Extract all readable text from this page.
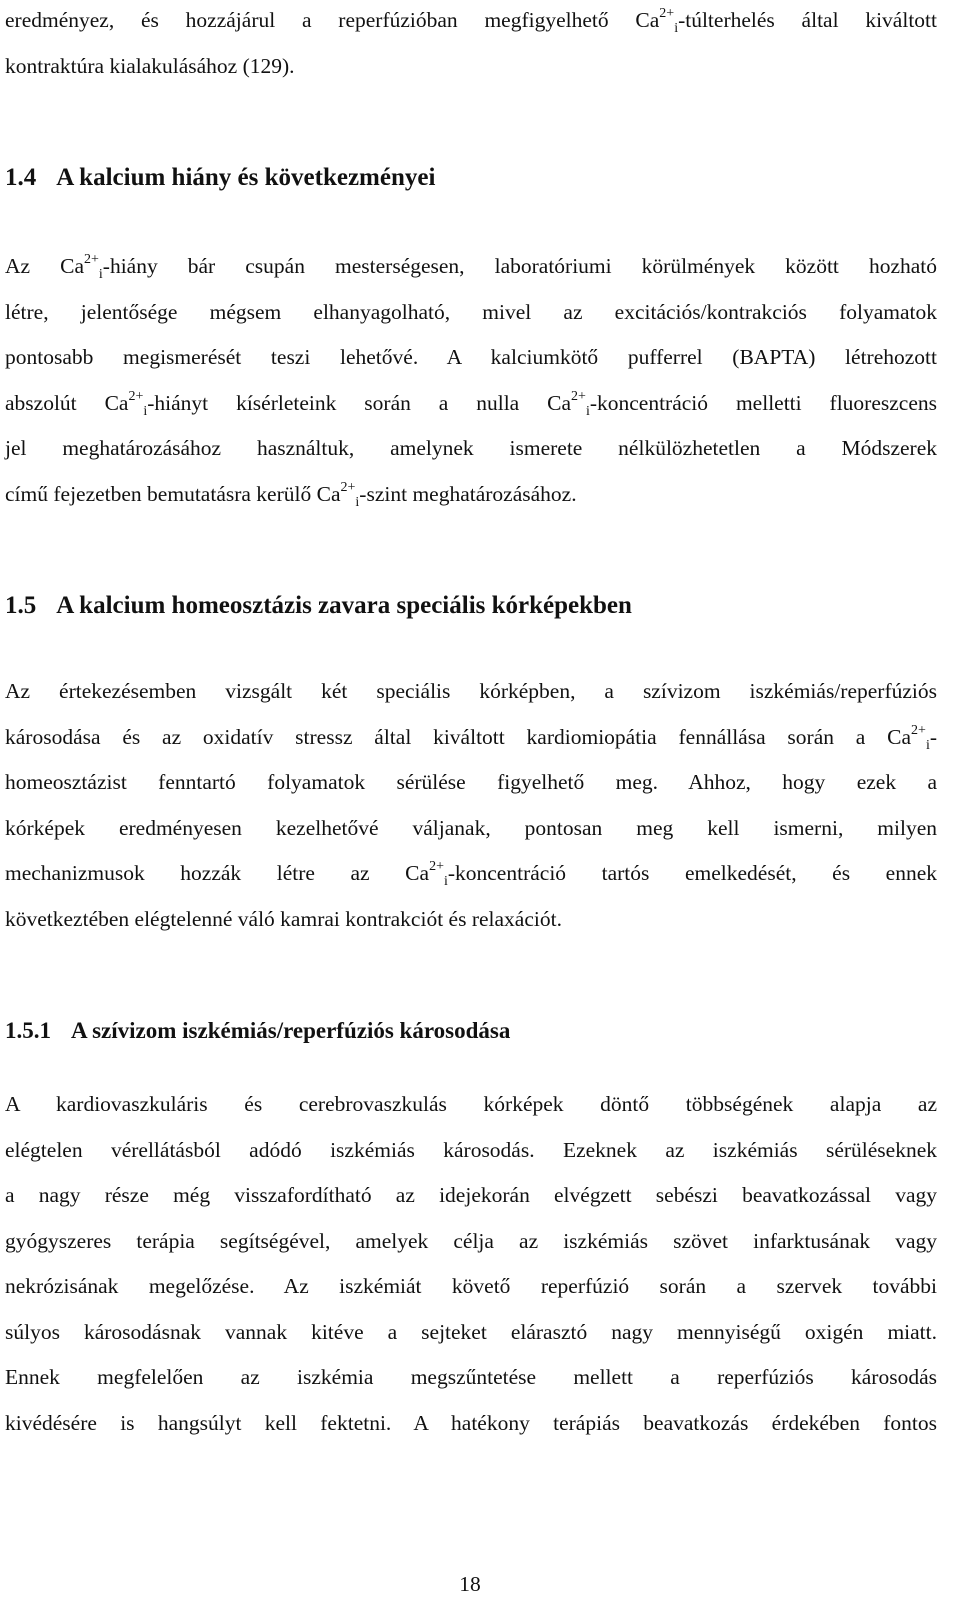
eredményez, és hozzájárul a reperfúzióban megfigyelhető $Ca^{2+}_i$-túlterhelés által kiváltott
kontraktúra kialakulásához (129).
1.4 A kalcium hiány és következményei
Az $Ca^{2+}_i$-hiány bár csupán mesterségesen, laboratóriumi körülmények között hozható
létre, jelentősége mégsem elhanyagolható, mivel az excitációs/kontrakciós folyamatok
pontosabb megismerését teszi lehetővé. A kalciumkötő pufferrel (BAPTA) létrehozott
abszolút $Ca^{2+}_i$-hiányt kísérleteink során a nulla $Ca^{2+}_i$-koncentráció melletti fluoreszcens
jel meghatározásához használtuk, amelynek ismerete nélkülözhetetlen a Módszerek
című fejezetben bemutatásra kerülő $Ca^{2+}_i$-szint meghatározásához.
1.5 A kalcium homeosztázis zavara speciális kórképekben
Az értekezésemben vizsgált két speciális kórképben, a szívizom iszkémiás/reperfúziós
károsodása és az oxidatív stressz által kiváltott kardiomiopátia fennállása során a $Ca^{2+}_i-$
homeosztázist fenntartó folyamatok sérülése figyelhető meg. Ahhoz, hogy ezek a
kórképek eredményesen kezelhetővé váljanak, pontosan meg kell ismerni, milyen
mechanizmusok hozzák létre az $Ca^{2+}_i$-koncentráció tartós emelkedését, és ennek
következtében elégtelenné váló kamrai kontrakciót és relaxációt.
1.5.1 A szívizom iszkémiás/reperfúziós károsodása
A kardiovaszkuláris és cerebrovaszkulás kórképek döntő többségének alapja az
elégtelen vérellátásból adódó iszkémiás károsodás. Ezeknek az iszkémiás sérüléseknek
a nagy része még visszafordítható az idejekorán elvégzett sebészi beavatkozással vagy
gyógyszeres terápia segítségével, amelyek célja az iszkémiás szövet infarktusának vagy
nekrózisának megelőzése. Az iszkémiát követő reperfúzió során a szervek további
súlyos károsodásnak vannak kitéve a sejteket elárasztó nagy mennyiségű oxigén miatt.
Ennek megfelelően az iszkémia megszűntetése mellett a reperfúziós károsodás
kivédésére is hangsúlyt kell fektetni. A hatékony terápiás beavatkozás érdekében fontos

18
